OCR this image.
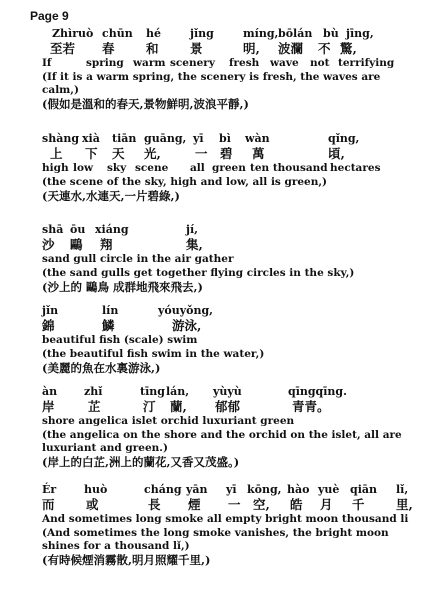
Page 9
Zhìruò chūn hé	jǐng	míng, bōlán bù jīng,
至若 春	和	景	明, 波瀾 不 驚,
If	spring warm scenery fresh wave not terrifying
(If it is a warm spring, the scenery is fresh, the waves are calm,)
(假如是溫和的春天,景物鮮明,波浪平靜,)
shàng xià tiān guāng, yī bì wàn	qǐng,
上 下 天 光,	一 碧 萬	頃,
high low sky scene all green ten thousand hectares
(the scene of the sky, high and low, all is green,)
(天連水,水連天,一片碧綠,)
shā ōu xiáng	jí,
沙 鷗 翔	集,
sand gull circle in the air gather
(the sand gulls get together flying circles in the sky,)
(沙上的 鷗鳥 成群地飛來飛去,)
jǐn	lín	yóuyǒng,
錦	鱗	游泳,
beautiful fish (scale) swim
(the beautiful fish swim in the water,)
(美麗的魚在水裏游泳,)
àn zhǐ	tīng lán, yùyù	qīngqīng.
岸	芷	汀 蘭, 郁郁	青青。
shore angelica islet orchid luxuriant green
(the angelica on the shore and the orchid on the islet, all are luxuriant and green.)
(岸上的白芷,洲上的蘭花,又香又茂盛。)
Ér	huò	cháng yān yī kōng, hào yuè qiān lǐ,
而	或	長 煙 一 空, 皓 月 千	里,
And sometimes long smoke all empty bright moon thousand li
(And sometimes the long smoke vanishes, the bright moon shines for a thousand lǐ,)
(有時候煙消霧散,明月照耀千里,)
